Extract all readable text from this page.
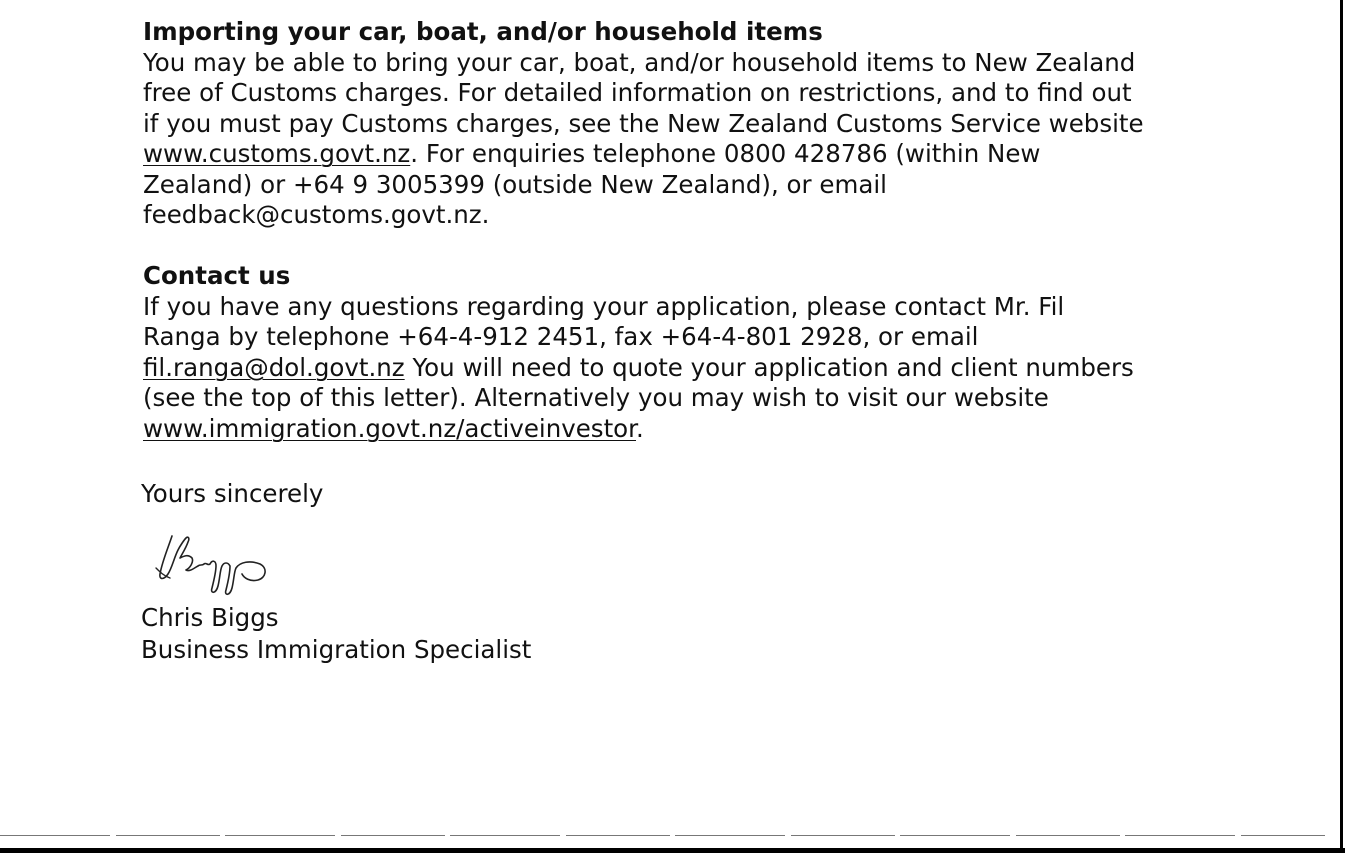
Importing your car, boat, and/or household items
You may be able to bring your car, boat, and/or household items to New Zealand
free of Customs charges. For detailed information on restrictions, and to find out
if you must pay Customs charges, see the New Zealand Customs Service website
www.customs.govt.nz. For enquiries telephone 0800 428786 (within New
Zealand) or +64 9 3005399 (outside New Zealand), or email
feedback@customs.govt.nz.
Contact us
If you have any questions regarding your application, please contact Mr. Fil
Ranga by telephone +64-4-912 2451, fax +64-4-801 2928, or email
fil.ranga@dol.govt.nz You will need to quote your application and client numbers
(see the top of this letter). Alternatively you may wish to visit our website
www.immigration.govt.nz/activeinvestor.
Yours sincerely
Chris Biggs
Business Immigration Specialist
